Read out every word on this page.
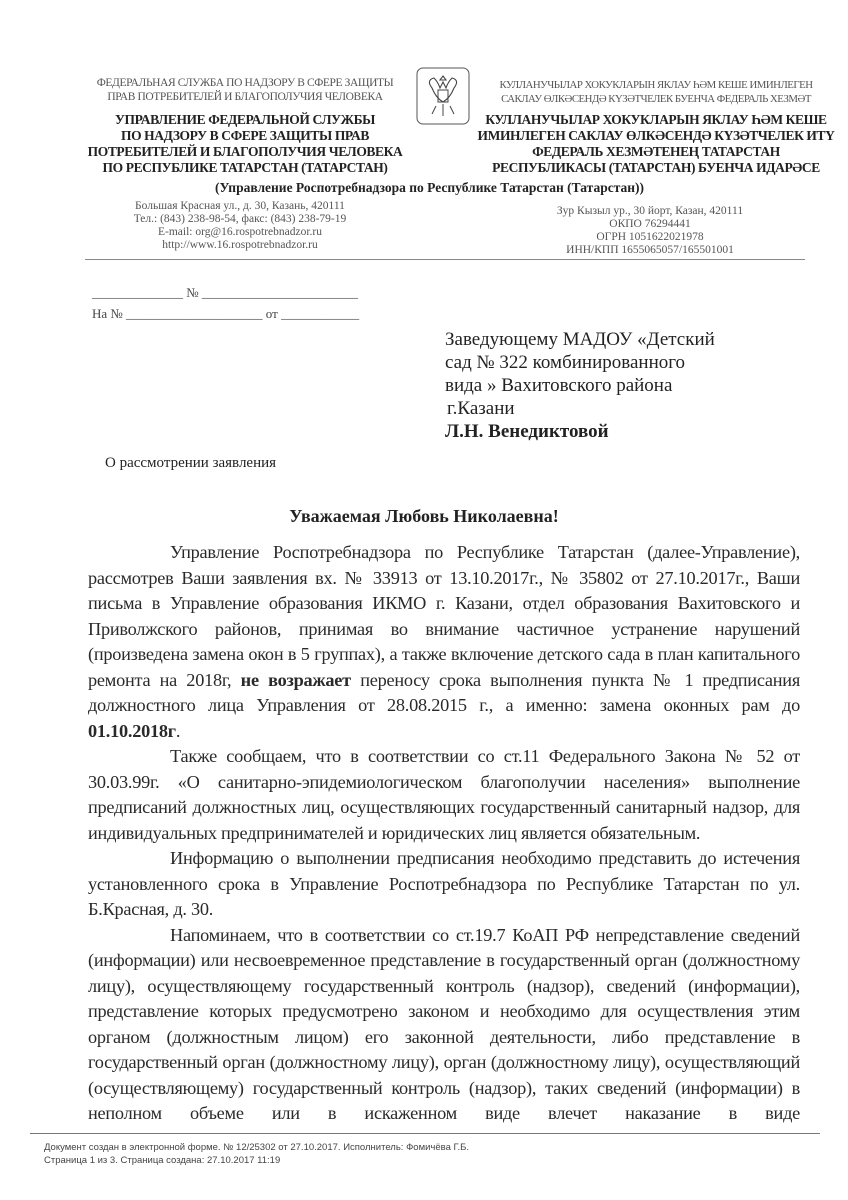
ФЕДЕРАЛЬНАЯ СЛУЖБА ПО НАДЗОРУ В СФЕРЕ ЗАЩИТЫ
ПРАВ ПОТРЕБИТЕЛЕЙ И БЛАГОПОЛУЧИЯ ЧЕЛОВЕКА
УПРАВЛЕНИЕ ФЕДЕРАЛЬНОЙ СЛУЖБЫ
ПО НАДЗОРУ В СФЕРЕ ЗАЩИТЫ ПРАВ
ПОТРЕБИТЕЛЕЙ И БЛАГОПОЛУЧИЯ ЧЕЛОВЕКА
ПО РЕСПУБЛИКЕ ТАТАРСТАН (ТАТАРСТАН)
КУЛЛАНУЧЫЛАР ХОКУКЛАРЫН ЯКЛАУ ҺӘМ КЕШЕ ИМИНЛЕГЕН
САКЛАУ ӨЛКӘСЕНДӘ КҮЗӘТЧЕЛЕК БУЕНЧА ФЕДЕРАЛЬ ХЕЗМӘТ
КУЛЛАНУЧЫЛАР ХОКУКЛАРЫН ЯКЛАУ ҺӘМ КЕШЕ
ИМИНЛЕГЕН САКЛАУ ӨЛКӘСЕНДӘ КҮЗӘТЧЕЛЕК ИТҮ
ФЕДЕРАЛЬ ХЕЗМӘТЕНЕҢ ТАТАРСТАН
РЕСПУБЛИКАСЫ (ТАТАРСТАН) БУЕНЧА ИДАРӘСЕ
(Управление Роспотребнадзора по Республике Татарстан (Татарстан))
Большая Красная ул., д. 30, Казань, 420111
Тел.: (843) 238-98-54, факс: (843) 238-79-19
E-mail: org@16.rospotrebnadzor.ru
http://www.16.rospotrebnadzor.ru
Зур Кызыл ур., 30 йорт, Казан, 420111
ОКПО 76294441
ОГРН 1051622021978
ИНН/КПП 1655065057/165501001
______________ № ________________________
На № _____________________ от ____________
Заведующему МАДОУ «Детский
сад № 322 комбинированного
вида » Вахитовского района
г.Казани
Л.Н. Венедиктовой
О рассмотрении заявления
Уважаемая Любовь Николаевна!

Управление Роспотребнадзора по Республике Татарстан (далее-Управление), рассмотрев Ваши заявления вх. № 33913 от 13.10.2017г., № 35802 от 27.10.2017г., Ваши письма в Управление образования ИКМО г. Казани, отдел образования Вахитовского и Приволжского районов, принимая во внимание частичное устранение нарушений (произведена замена окон в 5 группах), а также включение детского сада в план капитального ремонта на 2018г, не возражает переносу срока выполнения пункта № 1 предписания должностного лица Управления от 28.08.2015 г., а именно: замена оконных рам до 01.10.2018г.

Также сообщаем, что в соответствии со ст.11 Федерального Закона № 52 от 30.03.99г. «О санитарно-эпидемиологическом благополучии населения» выполнение предписаний должностных лиц, осуществляющих государственный санитарный надзор, для индивидуальных предпринимателей и юридических лиц является обязательным.

Информацию о выполнении предписания необходимо представить до истечения установленного срока в Управление Роспотребнадзора по Республике Татарстан по ул. Б.Красная, д. 30.

Напоминаем, что в соответствии со ст.19.7 КоАП РФ непредставление сведений (информации) или несвоевременное представление в государственный орган (должностному лицу), осуществляющему государственный контроль (надзор), сведений (информации), представление которых предусмотрено законом и необходимо для осуществления этим органом (должностным лицом) его законной деятельности, либо представление в государственный орган (должностному лицу), орган (должностному лицу), осуществляющий (осуществляющему) государственный контроль (надзор), таких сведений (информации) в неполном объеме или в искаженном виде влечет наказание в виде

Документ создан в электронной форме. № 12/25302 от 27.10.2017. Исполнитель: Фомичёва Г.Б.
Страница 1 из 3. Страница создана: 27.10.2017 11:19
